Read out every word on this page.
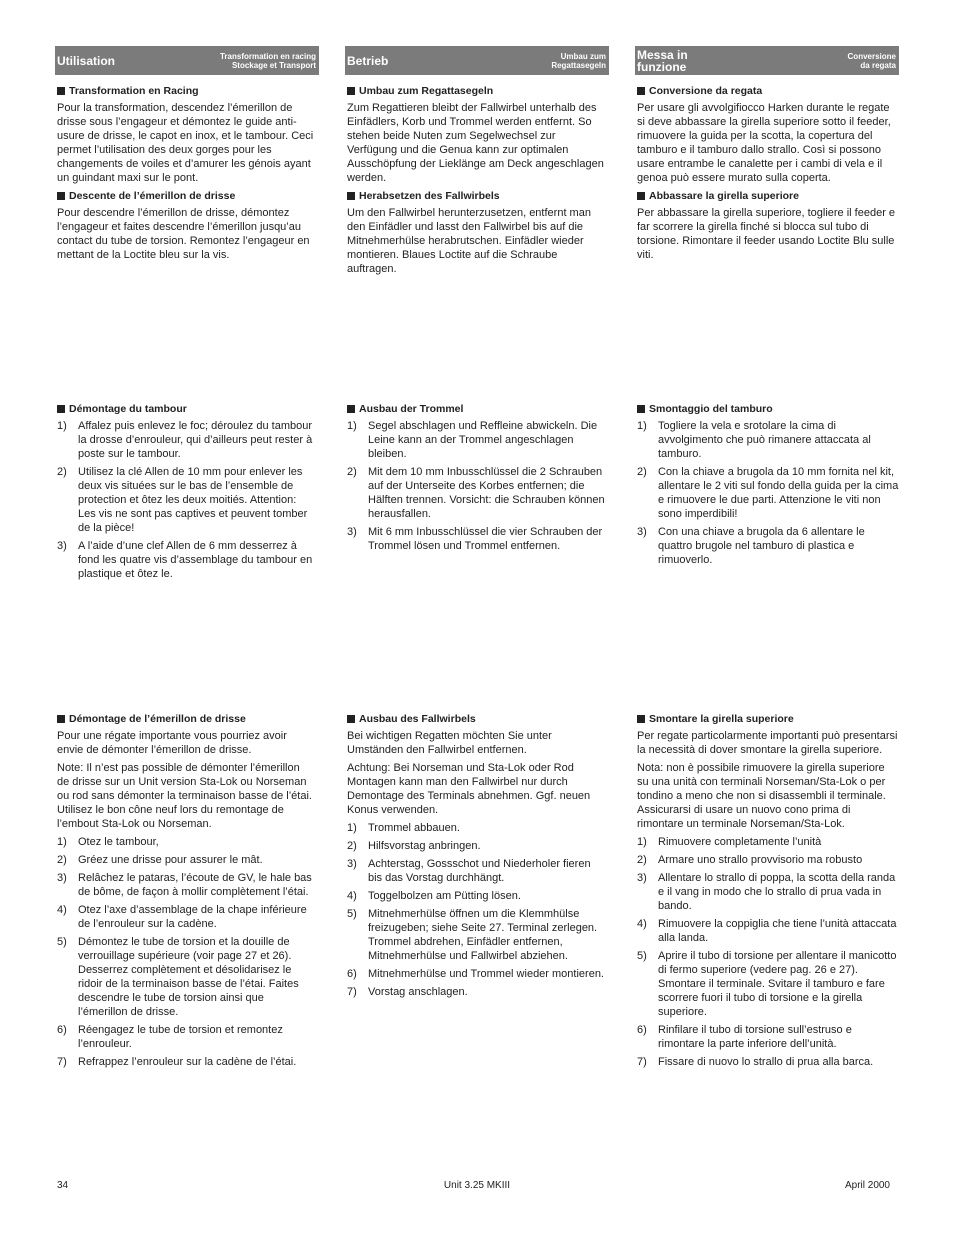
Utilisation	Transformation en racing
Stockage et Transport	Betrieb	Umbau zum
Regattasegeln
Messa in funzione
Conversione
da regata
Transformation en Racing

Pour la transformation, descendez l’émerillon de drisse sous l’engageur et démontez le guide anti-usure de drisse, le capot en inox, et le tambour. Ceci permet l’utilisation des deux gorges pour les changements de voiles et d’amurer les génois ayant un guindant maxi sur le pont.

Descente de l’émerillon de drisse

Pour descendre l’émerillon de drisse, démontez l’engageur et faites descendre l’émerillon jusqu’au contact du tube de torsion. Remontez l’engageur en mettant de la Loctite bleu sur la vis.

Démontage du tambour
1) Affalez puis enlevez le foc; déroulez du tambour la drosse d’enrouleur, qui d’ailleurs peut rester à poste sur le tambour.
2) Utilisez la clé Allen de 10 mm pour enlever les deux vis situées sur le bas de l’ensemble de protection et ôtez les deux moitiés. Attention: Les vis ne sont pas captives et peuvent tomber de la pièce!
3) A l’aide d’une clef Allen de 6 mm desserrez à fond les quatre vis d’assemblage du tambour en plastique et ôtez le.
Démontage de l’émerillon de drisse

Pour une régate importante vous pourriez avoir envie de démonter l’émerillon de drisse.

Note: Il n’est pas possible de démonter l’émerillon de drisse sur un Unit version Sta-Lok ou Norseman ou rod sans démonter la terminaison basse de l’étai. Utilisez le bon cône neuf lors du remontage de l’embout Sta-Lok ou Norseman.

1) Otez le tambour,
2) Gréez une drisse pour assurer le mât.
3) Relâchez le pataras, l’écoute de GV, le hale bas de bôme, de façon à mollir complètement l’étai.
4) Otez l’axe d’assemblage de la chape inférieure de l’enrouleur sur la cadène.
5) Démontez le tube de torsion et la douille de verrouillage supérieure (voir page 27 et 26). Desserrez complètement et désolidarisez le ridoir de la terminaison basse de l’étai. Faites descendre le tube de torsion ainsi que l’émerillon de drisse.
6) Réengagez le tube de torsion et remontez l’enrouleur.
7) Refrappez l’enrouleur sur la cadène de l’étai.
Umbau zum Regattasegeln

Zum Regattieren bleibt der Fallwirbel unterhalb des Einfädlers, Korb und Trommel werden entfernt. So stehen beide Nuten zum Segelwechsel zur Verfügung und die Genua kann zur optimalen Ausschöpfung der Lieklänge am Deck angeschlagen werden.

Herabsetzen des Fallwirbels

Um den Fallwirbel herunterzusetzen, entfernt man den Einfädler und lasst den Fallwirbel bis auf die Mitnehmerhülse herabrutschen. Einfädler wieder montieren. Blaues Loctite auf die Schraube auftragen.

Ausbau der Trommel
1) Segel abschlagen und Reffleine abwickeln. Die Leine kann an der Trommel angeschlagen bleiben.
2) Mit dem 10 mm Inbusschlüssel die 2 Schrauben auf der Unterseite des Korbes entfernen; die Hälften trennen. Vorsicht: die Schrauben können herausfallen.
3) Mit 6 mm Inbusschlüssel die vier Schrauben der Trommel lösen und Trommel entfernen.
Ausbau des Fallwirbels

Bei wichtigen Regatten möchten Sie unter Umständen den Fallwirbel entfernen.

Achtung: Bei Norseman und Sta-Lok oder Rod Montagen kann man den Fallwirbel nur durch Demontage des Terminals abnehmen. Ggf. neuen Konus verwenden.

1) Trommel abbauen.
2) Hilfsvorstag anbringen.
3) Achterstag, Gossschot und Niederholer fieren bis das Vorstag durchhängt.
4) Toggelbolzen am Pütting lösen.
5) Mitnehmerhülse öffnen um die Klemmhülse freizugeben; siehe Seite 27. Terminal zerlegen. Trommel abdrehen, Einfädler entfernen, Mitnehmerhülse und Fallwirbel abziehen.
6) Mitnehmerhülse und Trommel wieder montieren.
7) Vorstag anschlagen.
Conversione da regata

Per usare gli avvolgifiocco Harken durante le regate si deve abbassare la girella superiore sotto il feeder, rimuovere la guida per la scotta, la copertura del tamburo e il tamburo dallo strallo. Così si possono usare entrambe le canalette per i cambi di vela e il genoa può essere murato sulla coperta.

Abbassare la girella superiore

Per abbassare la girella superiore, togliere il feeder e far scorrere la girella finché si blocca sul tubo di torsione. Rimontare il feeder usando Loctite Blu sulle viti.

Smontaggio del tamburo
1) Togliere la vela e srotolare la cima di avvolgimento che può rimanere attaccata al tamburo.
2) Con la chiave a brugola da 10 mm fornita nel kit, allentare le 2 viti sul fondo della guida per la cima e rimuovere le due parti. Attenzione le viti non sono imperdibili!
3) Con una chiave a brugola da 6 allentare le quattro brugole nel tamburo di plastica e rimuoverlo.
Smontare la girella superiore

Per regate particolarmente importanti può presentarsi la necessità di dover smontare la girella superiore.

Nota: non è possibile rimuovere la girella superiore su una unità con terminali Norseman/Sta-Lok o per tondino a meno che non si disassembli il terminale. Assicurarsi di usare un nuovo cono prima di rimontare un terminale Norseman/Sta-Lok.

1) Rimuovere completamente l’unità
2) Armare uno strallo provvisorio ma robusto
3) Allentare lo strallo di poppa, la scotta della randa e il vang in modo che lo strallo di prua vada in bando.
4) Rimuovere la coppiglia che tiene l’unità attaccata alla landa.
5) Aprire il tubo di torsione per allentare il manicotto di fermo superiore (vedere pag. 26 e 27). Smontare il terminale. Svitare il tamburo e fare scorrere fuori il tubo di torsione e la girella superiore.
6) Rinfilare il tubo di torsione sull’estruso e rimontare la parte inferiore dell’unità.
7) Fissare di nuovo lo strallo di prua alla barca.
34	Unit 3.25 MKIII	April 2000
